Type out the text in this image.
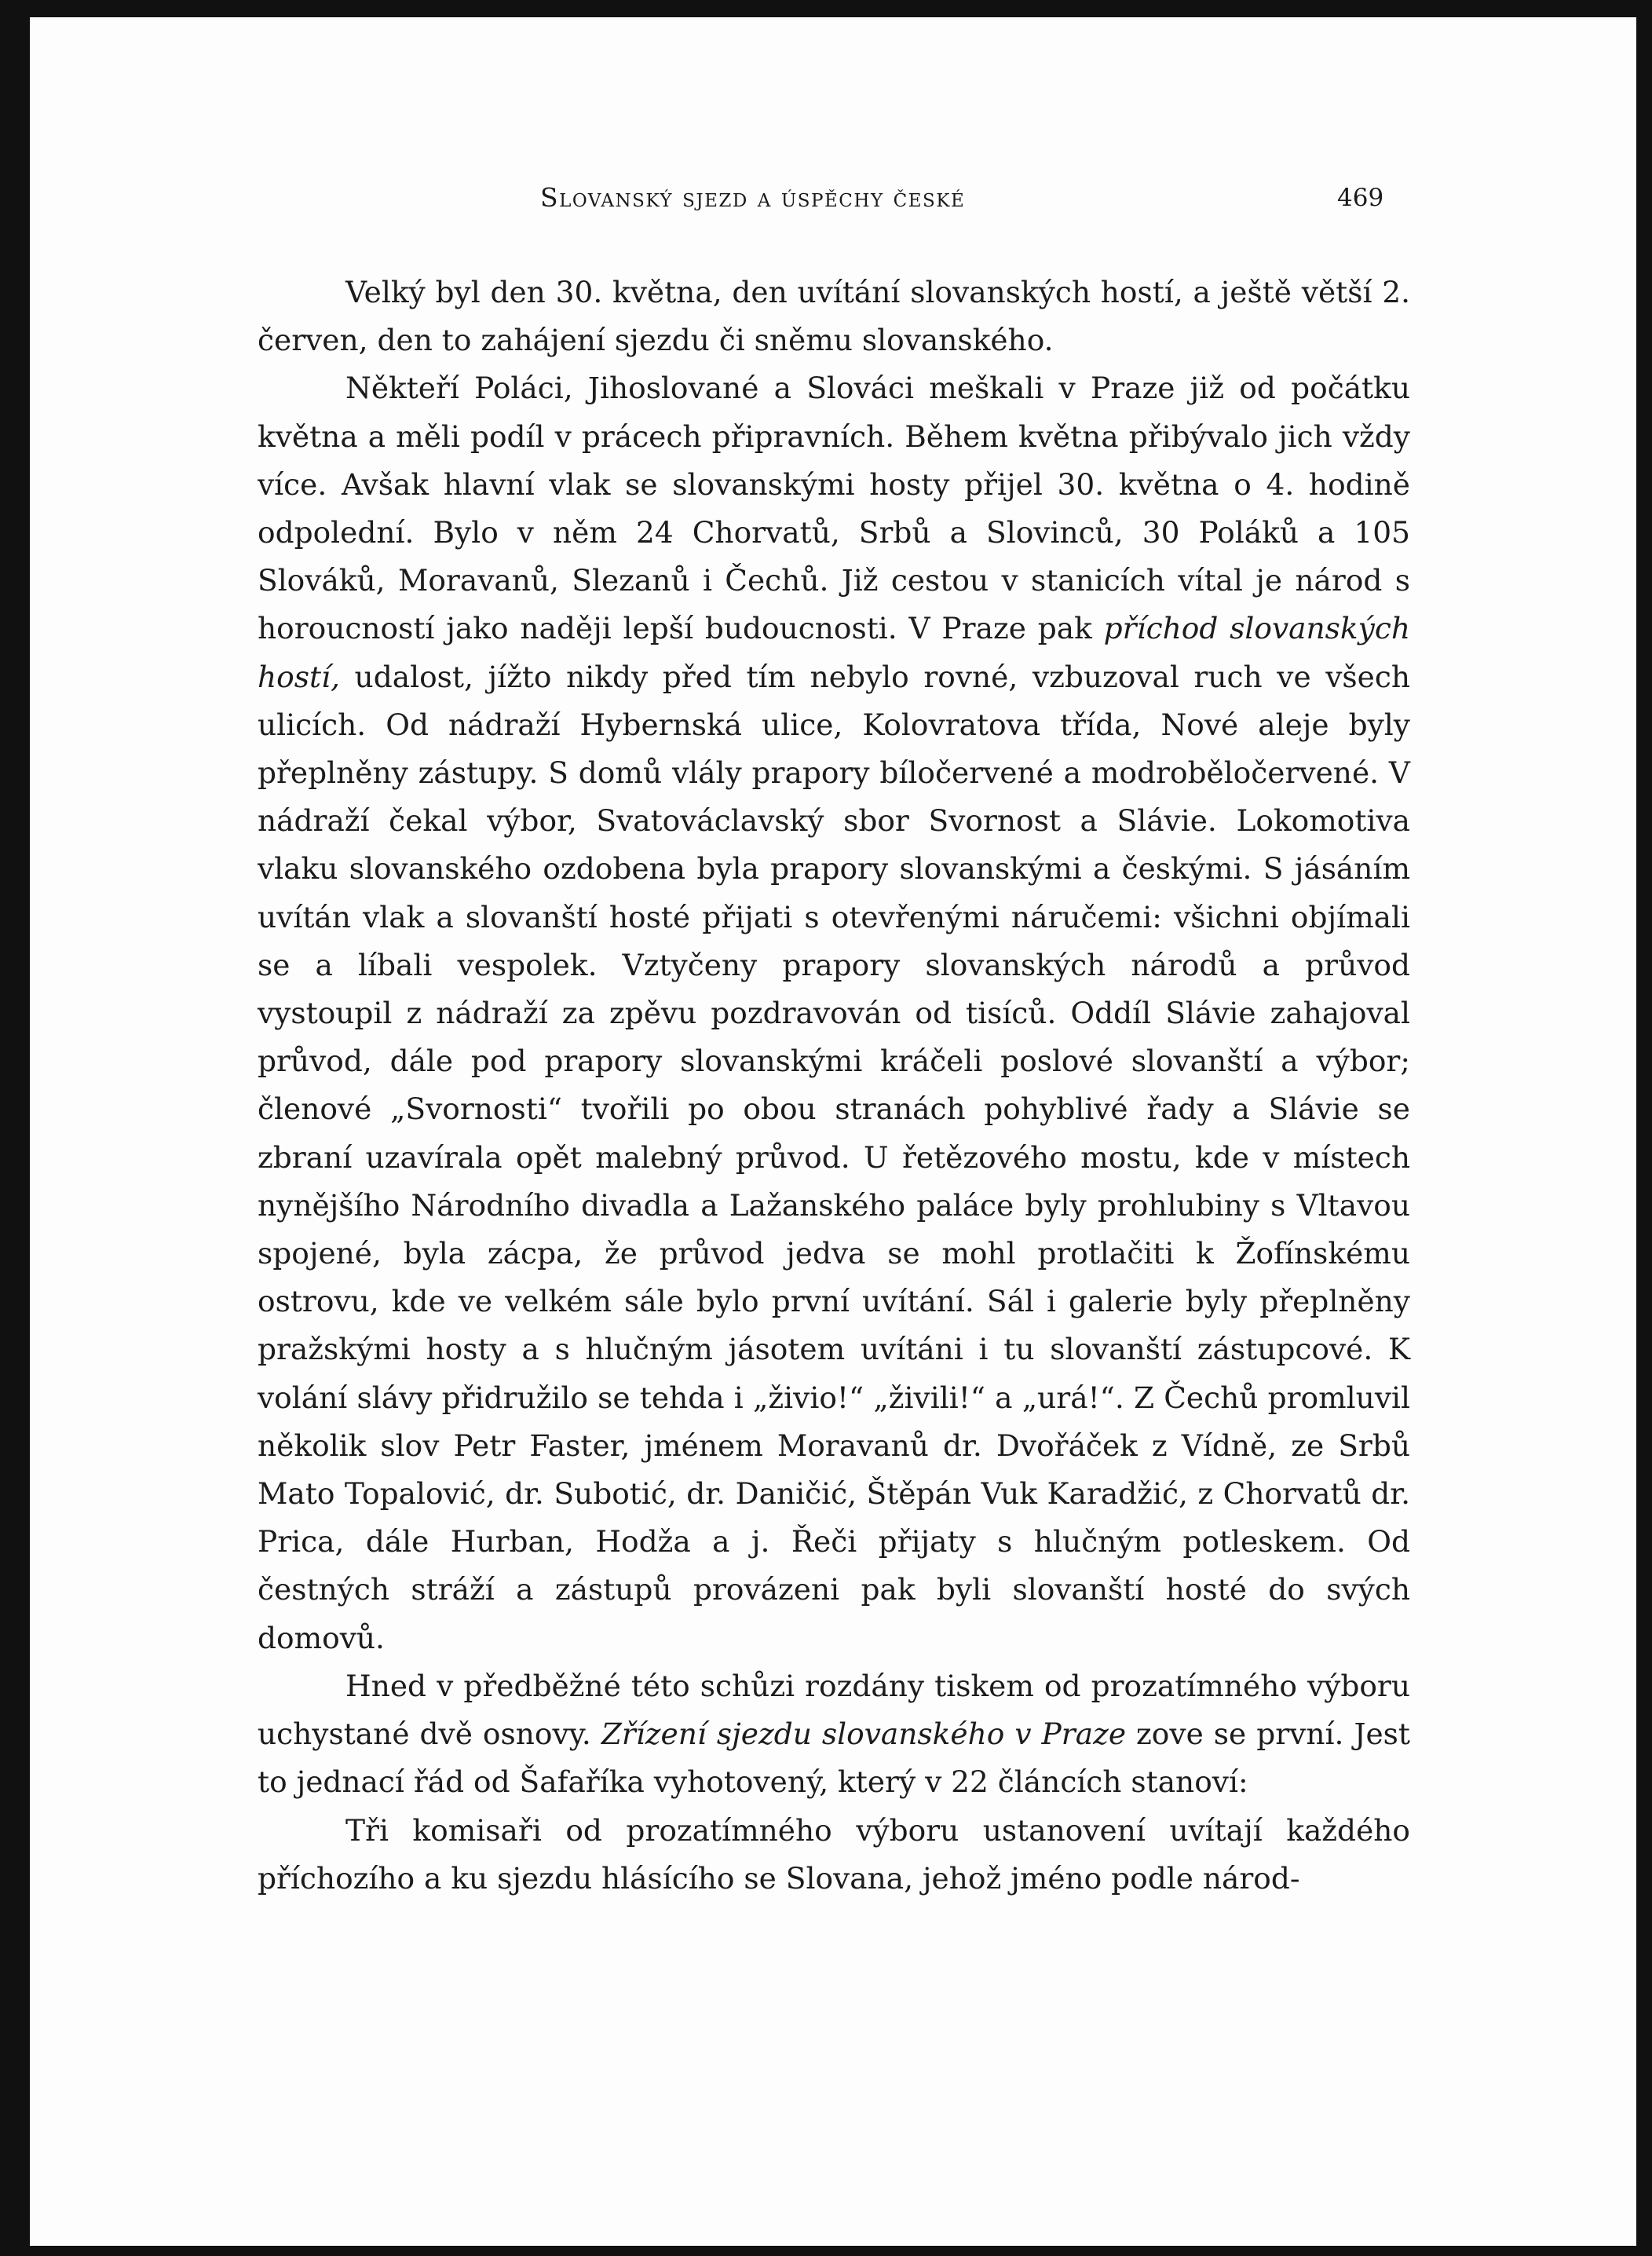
Slovanský sjezd a úspěchy české	469

Velký byl den 30. května, den uvítání slovanských hostí, a ještě větší 2. červen, den to zahájení sjezdu či sněmu slovanského.

Někteří Poláci, Jihoslované a Slováci meškali v Praze již od počátku května a měli podíl v prácech připravních. Během května přibývalo jich vždy více. Avšak hlavní vlak se slovanskými hosty přijel 30. května o 4. hodině odpolední. Bylo v něm 24 Chorvatů, Srbů a Slovinců, 30 Poláků a 105 Slováků, Moravanů, Slezanů i Čechů. Již cestou v stanicích vítal je národ s horoucností jako naději lepší budoucnosti. V Praze pak příchod slovanských hostí, udalost, jížto nikdy před tím nebylo rovné, vzbuzoval ruch ve všech ulicích. Od nádraží Hybernská ulice, Kolovratova třída, Nové aleje byly přeplněny zástupy. S domů vlály prapory bíločervené a modroběločervené. V nádraží čekal výbor, Svatováclavský sbor Svornost a Slávie. Lokomotiva vlaku slovanského ozdobena byla prapory slovanskými a českými. S jásáním uvítán vlak a slovanští hosté přijati s otevřenými náručemi: všichni objímali se a líbali vespolek. Vztyčeny prapory slovanských národů a průvod vystoupil z nádraží za zpěvu pozdravován od tisíců. Oddíl Slávie zahajoval průvod, dále pod prapory slovanskými kráčeli poslové slovanští a výbor; členové „Svornosti“ tvořili po obou stranách pohyblivé řady a Slávie se zbraní uzavírala opět malebný průvod. U řetězového mostu, kde v místech nynějšího Národního divadla a Lažanského paláce byly prohlubiny s Vltavou spojené, byla zácpa, že průvod jedva se mohl protlačiti k Žofínskému ostrovu, kde ve velkém sále bylo první uvítání. Sál i galerie byly přeplněny pražskými hosty a s hlučným jásotem uvítáni i tu slovanští zástupcové. K volání slávy přidružilo se tehda i „živio!“ „živili!“ a „urá!“. Z Čechů promluvil několik slov Petr Faster, jménem Moravanů dr. Dvořáček z Vídně, ze Srbů Mato Topalović, dr. Subotić, dr. Daničić, Štěpán Vuk Karadžić, z Chorvatů dr. Prica, dále Hurban, Hodža a j. Řeči přijaty s hlučným potleskem. Od čestných stráží a zástupů provázeni pak byli slovanští hosté do svých domovů.

Hned v předběžné této schůzi rozdány tiskem od prozatímného výboru uchystané dvě osnovy. Zřízení sjezdu slovanského v Praze zove se první. Jest to jednací řád od Šafaříka vyhotovený, který v 22 článcích stanoví:

Tři komisaři od prozatímného výboru ustanovení uvítají každého příchozího a ku sjezdu hlásícího se Slovana, jehož jméno podle národ-
